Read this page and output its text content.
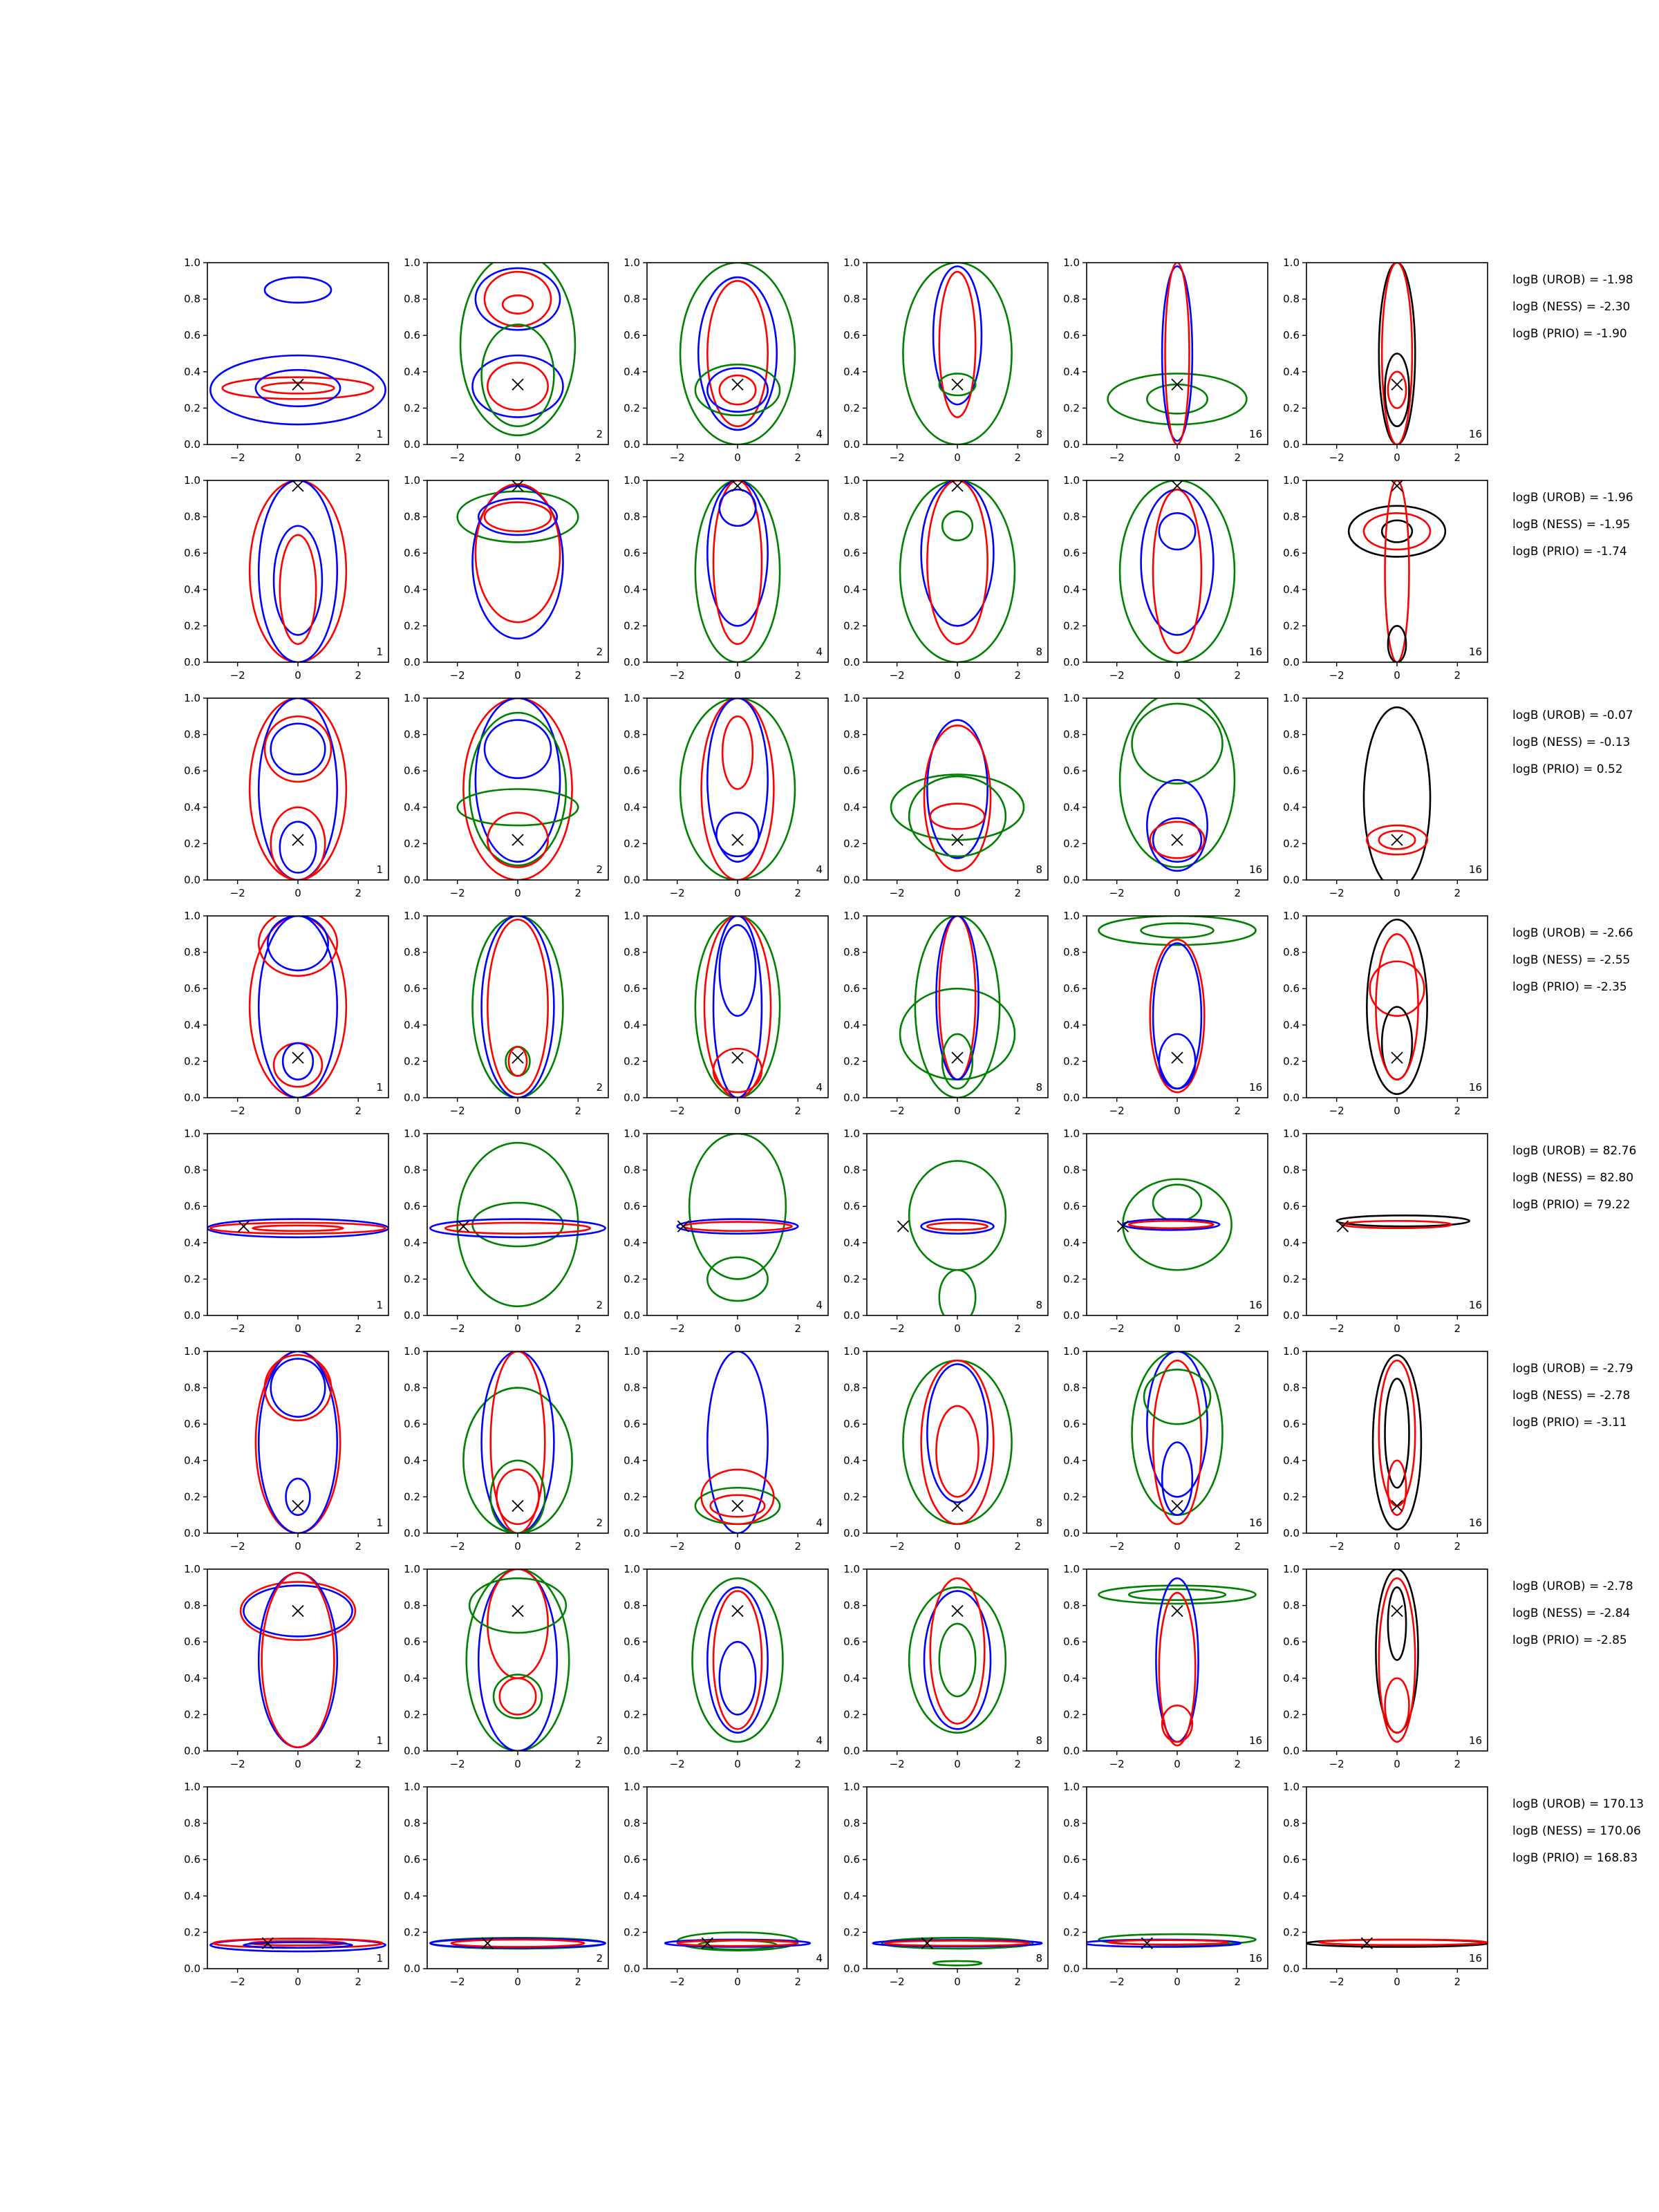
−2	0	2
0.0
0.2
0.4
0.6
0.8
1.0
1
−2	0	2
0.0
0.2
0.4
0.6
0.8
1.0
2
−2	0	2
0.0
0.2
0.4
0.6
0.8
1.0
4
−2	0	2
0.0
0.2
0.4
0.6
0.8
1.0
8
−2	0	2
0.0
0.2
0.4
0.6
0.8
1.0
16
−2	0	2
0.0
0.2
0.4
0.6
0.8
1.0
16
logB (UROB) = -1.98
logB (NESS) = -2.30
logB (PRIO) = -1.90
−2	0	2
0.0
0.2
0.4
0.6
0.8
1.0
1
−2	0	2
0.0
0.2
0.4
0.6
0.8
1.0
2
−2	0	2
0.0
0.2
0.4
0.6
0.8
1.0
4
−2	0	2
0.0
0.2
0.4
0.6
0.8
1.0
8
−2	0	2
0.0
0.2
0.4
0.6
0.8
1.0
16
−2	0	2
0.0
0.2
0.4
0.6
0.8
1.0
16
logB (UROB) = -1.96
logB (NESS) = -1.95
logB (PRIO) = -1.74
−2	0	2
0.0
0.2
0.4
0.6
0.8
1.0
1
−2	0	2
0.0
0.2
0.4
0.6
0.8
1.0
2
−2	0	2
0.0
0.2
0.4
0.6
0.8
1.0
4
−2	0	2
0.0
0.2
0.4
0.6
0.8
1.0
8
−2	0	2
0.0
0.2
0.4
0.6
0.8
1.0
16
−2	0	2
0.0
0.2
0.4
0.6
0.8
1.0
16
logB (UROB) = -0.07
logB (NESS) = -0.13
logB (PRIO) = 0.52
−2	0	2
0.0
0.2
0.4
0.6
0.8
1.0
1
−2	0	2
0.0
0.2
0.4
0.6
0.8
1.0
2
−2	0	2
0.0
0.2
0.4
0.6
0.8
1.0
4
−2	0	2
0.0
0.2
0.4
0.6
0.8
1.0
8
−2	0	2
0.0
0.2
0.4
0.6
0.8
1.0
16
−2	0	2
0.0
0.2
0.4
0.6
0.8
1.0
16
logB (UROB) = -2.66
logB (NESS) = -2.55
logB (PRIO) = -2.35
−2	0	2
0.0
0.2
0.4
0.6
0.8
1.0
1
−2	0	2
0.0
0.2
0.4
0.6
0.8
1.0
2
−2	0	2
0.0
0.2
0.4
0.6
0.8
1.0
4
−2	0	2
0.0
0.2
0.4
0.6
0.8
1.0
8
−2	0	2
0.0
0.2
0.4
0.6
0.8
1.0
16
−2	0	2
0.0
0.2
0.4
0.6
0.8
1.0
16
logB (UROB) = 82.76
logB (NESS) = 82.80
logB (PRIO) = 79.22
−2	0	2
0.0
0.2
0.4
0.6
0.8
1.0
1
−2	0	2
0.0
0.2
0.4
0.6
0.8
1.0
2
−2	0	2
0.0
0.2
0.4
0.6
0.8
1.0
4
−2	0	2
0.0
0.2
0.4
0.6
0.8
1.0
8
−2	0	2
0.0
0.2
0.4
0.6
0.8
1.0
16
−2	0	2
0.0
0.2
0.4
0.6
0.8
1.0
16
logB (UROB) = -2.79
logB (NESS) = -2.78
logB (PRIO) = -3.11
−2	0	2
0.0
0.2
0.4
0.6
0.8
1.0
1
−2	0	2
0.0
0.2
0.4
0.6
0.8
1.0
2
−2	0	2
0.0
0.2
0.4
0.6
0.8
1.0
4
−2	0	2
0.0
0.2
0.4
0.6
0.8
1.0
8
−2	0	2
0.0
0.2
0.4
0.6
0.8
1.0
16
−2	0	2
0.0
0.2
0.4
0.6
0.8
1.0
16
logB (UROB) = -2.78
logB (NESS) = -2.84
logB (PRIO) = -2.85
−2	0	2
0.0
0.2
0.4
0.6
0.8
1.0
1
−2	0	2
0.0
0.2
0.4
0.6
0.8
1.0
2
−2	0	2
0.0
0.2
0.4
0.6
0.8
1.0
4
−2	0	2
0.0
0.2
0.4
0.6
0.8
1.0
8
−2	0	2
0.0
0.2
0.4
0.6
0.8
1.0
16
−2	0	2
0.0
0.2
0.4
0.6
0.8
1.0
16
logB (UROB) = 170.13
logB (NESS) = 170.06
logB (PRIO) = 168.83
